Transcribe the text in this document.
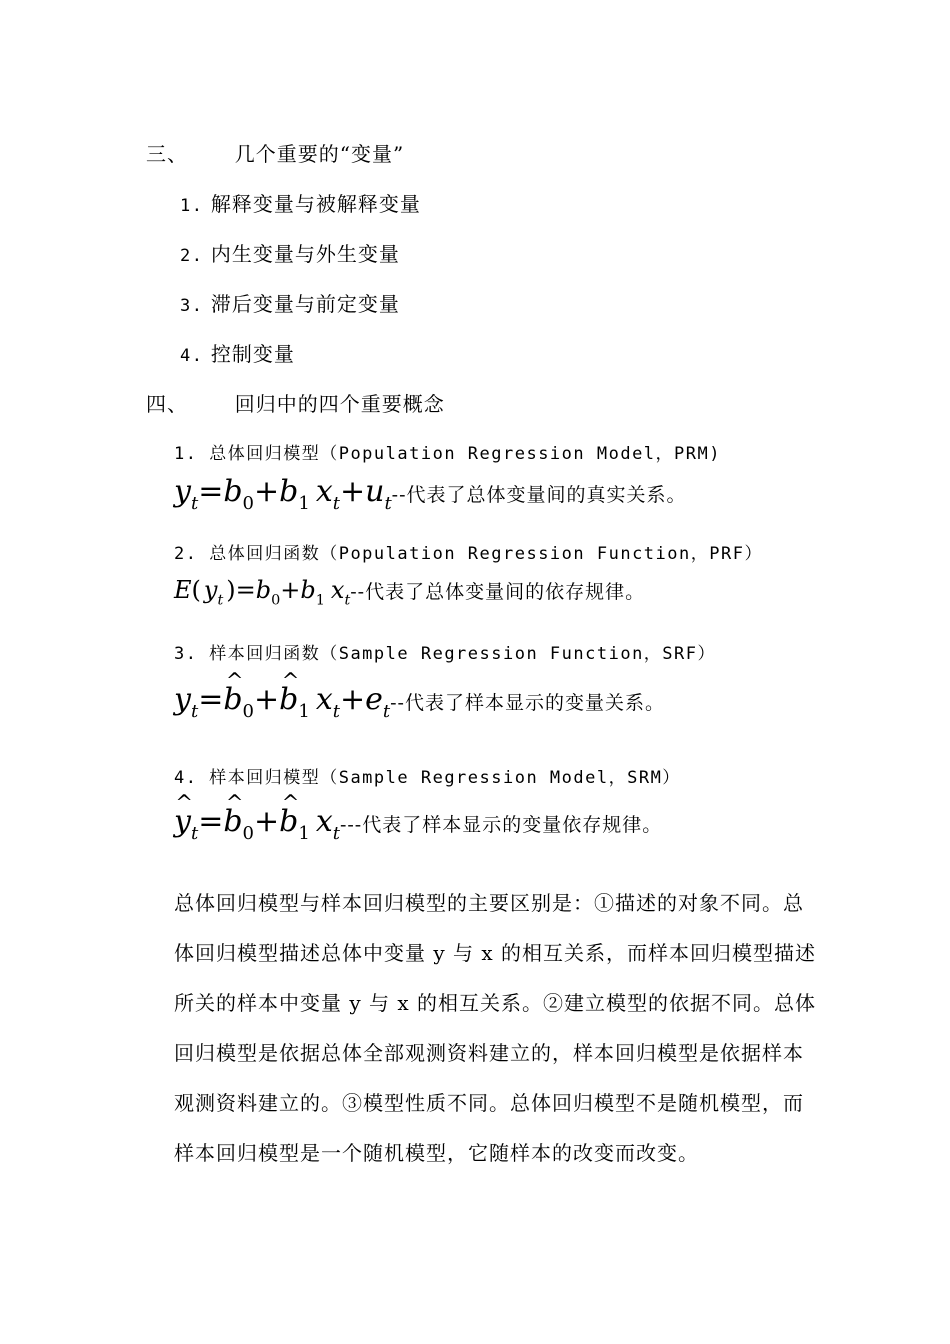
三、 几个重要的“变量”
1. 解释变量与被解释变量
2. 内生变量与外生变量
3. 滞后变量与前定变量
4. 控制变量
四、 回归中的四个重要概念
1. 总体回归模型（Population Regression Model，PRM)
$y_t=b_0+b_1$ $x_t+u_t--$代表了总体变量间的真实关系。
2. 总体回归函数（Population Regression Function，PRF）
E( $y_t$ )$=b_0+b_1$ $x_t--$代表了总体变量间的依存规律。
3. 样本回归函数（Sample Regression Function，SRF）
$y_t=\^{}$ $b_0+\^{}$ $b_1$ $x_t+e_t--$代表了样本显示的变量关系。
4. 样本回归模型（Sample Regression Model，SRM）
^ $y_t=\^{}$ $b_0+\^{}$ $b_1$ $x_t---$代表了样本显示的变量依存规律。
总体回归模型与样本回归模型的主要区别是：①描述的对象不同。总体回归模型描述总体中变量 y 与 x 的相互关系，而样本回归模型描述所关的样本中变量 y 与 x 的相互关系。②建立模型的依据不同。总体回归模型是依据总体全部观测资料建立的，样本回归模型是依据样本观测资料建立的。③模型性质不同。总体回归模型不是随机模型，而样本回归模型是一个随机模型，它随样本的改变而改变。
